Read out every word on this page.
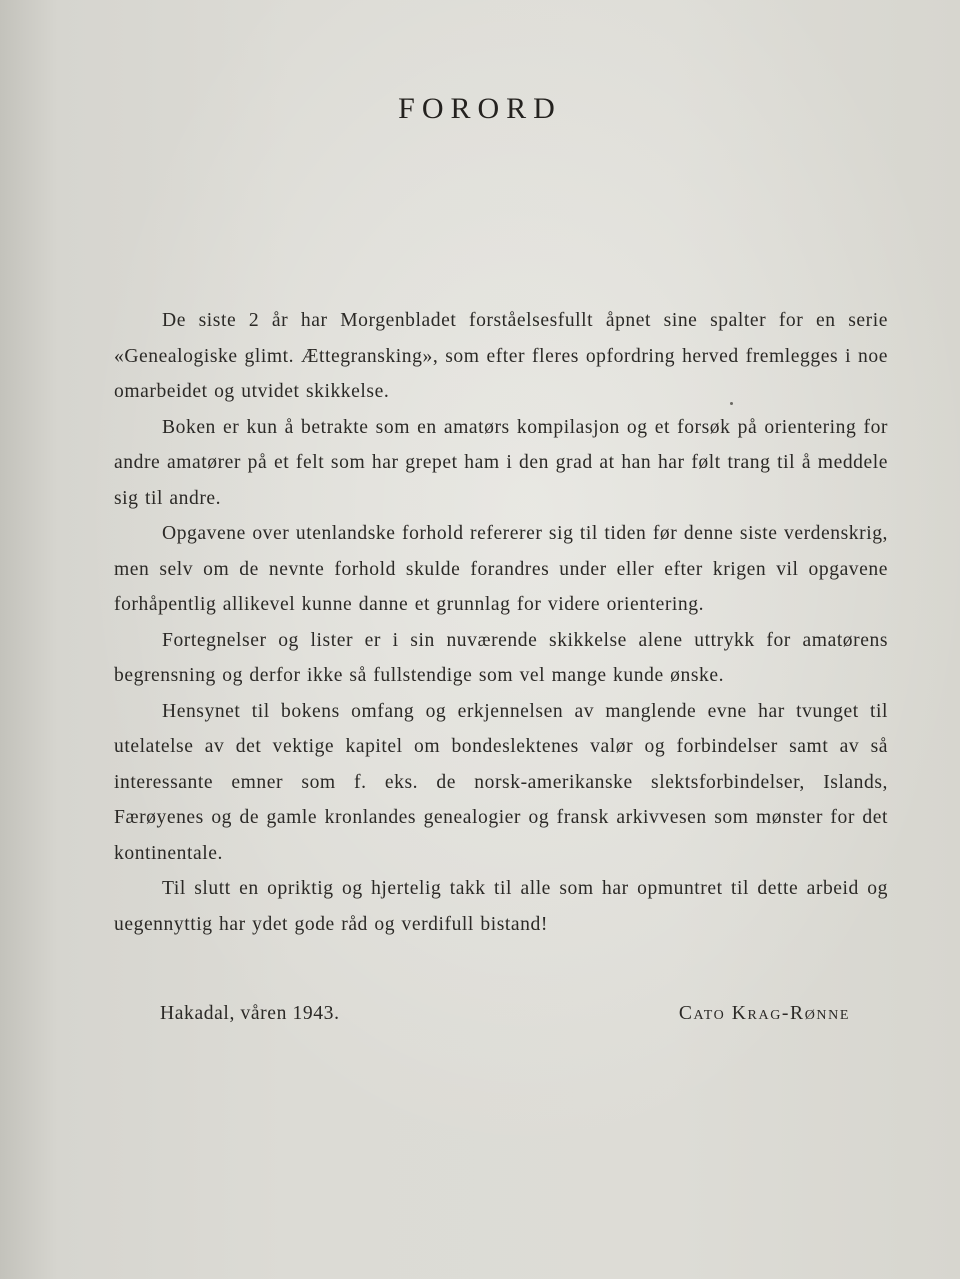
FORORD

De siste 2 år har Morgenbladet forståelsesfullt åpnet sine spalter for en serie «Genealogiske glimt. Ættegransking», som efter fleres opfordring herved fremlegges i noe omarbeidet og utvidet skikkelse.

Boken er kun å betrakte som en amatørs kompilasjon og et forsøk på orientering for andre amatører på et felt som har grepet ham i den grad at han har følt trang til å meddele sig til andre.

Opgavene over utenlandske forhold refererer sig til tiden før denne siste verdenskrig, men selv om de nevnte forhold skulde forandres under eller efter krigen vil opgavene forhåpentlig allikevel kunne danne et grunnlag for videre orientering.

Fortegnelser og lister er i sin nuværende skikkelse alene uttrykk for amatørens begrensning og derfor ikke så fullstendige som vel mange kunde ønske.

Hensynet til bokens omfang og erkjennelsen av manglende evne har tvunget til utelatelse av det vektige kapitel om bondeslektenes valør og forbindelser samt av så interessante emner som f. eks. de norsk-amerikanske slektsforbindelser, Islands, Færøyenes og de gamle kronlandes genealogier og fransk arkivvesen som mønster for det kontinentale.

Til slutt en opriktig og hjertelig takk til alle som har opmuntret til dette arbeid og uegennyttig har ydet gode råd og verdifull bistand!

Hakadal, våren 1943.	Cato Krag-Rønne
